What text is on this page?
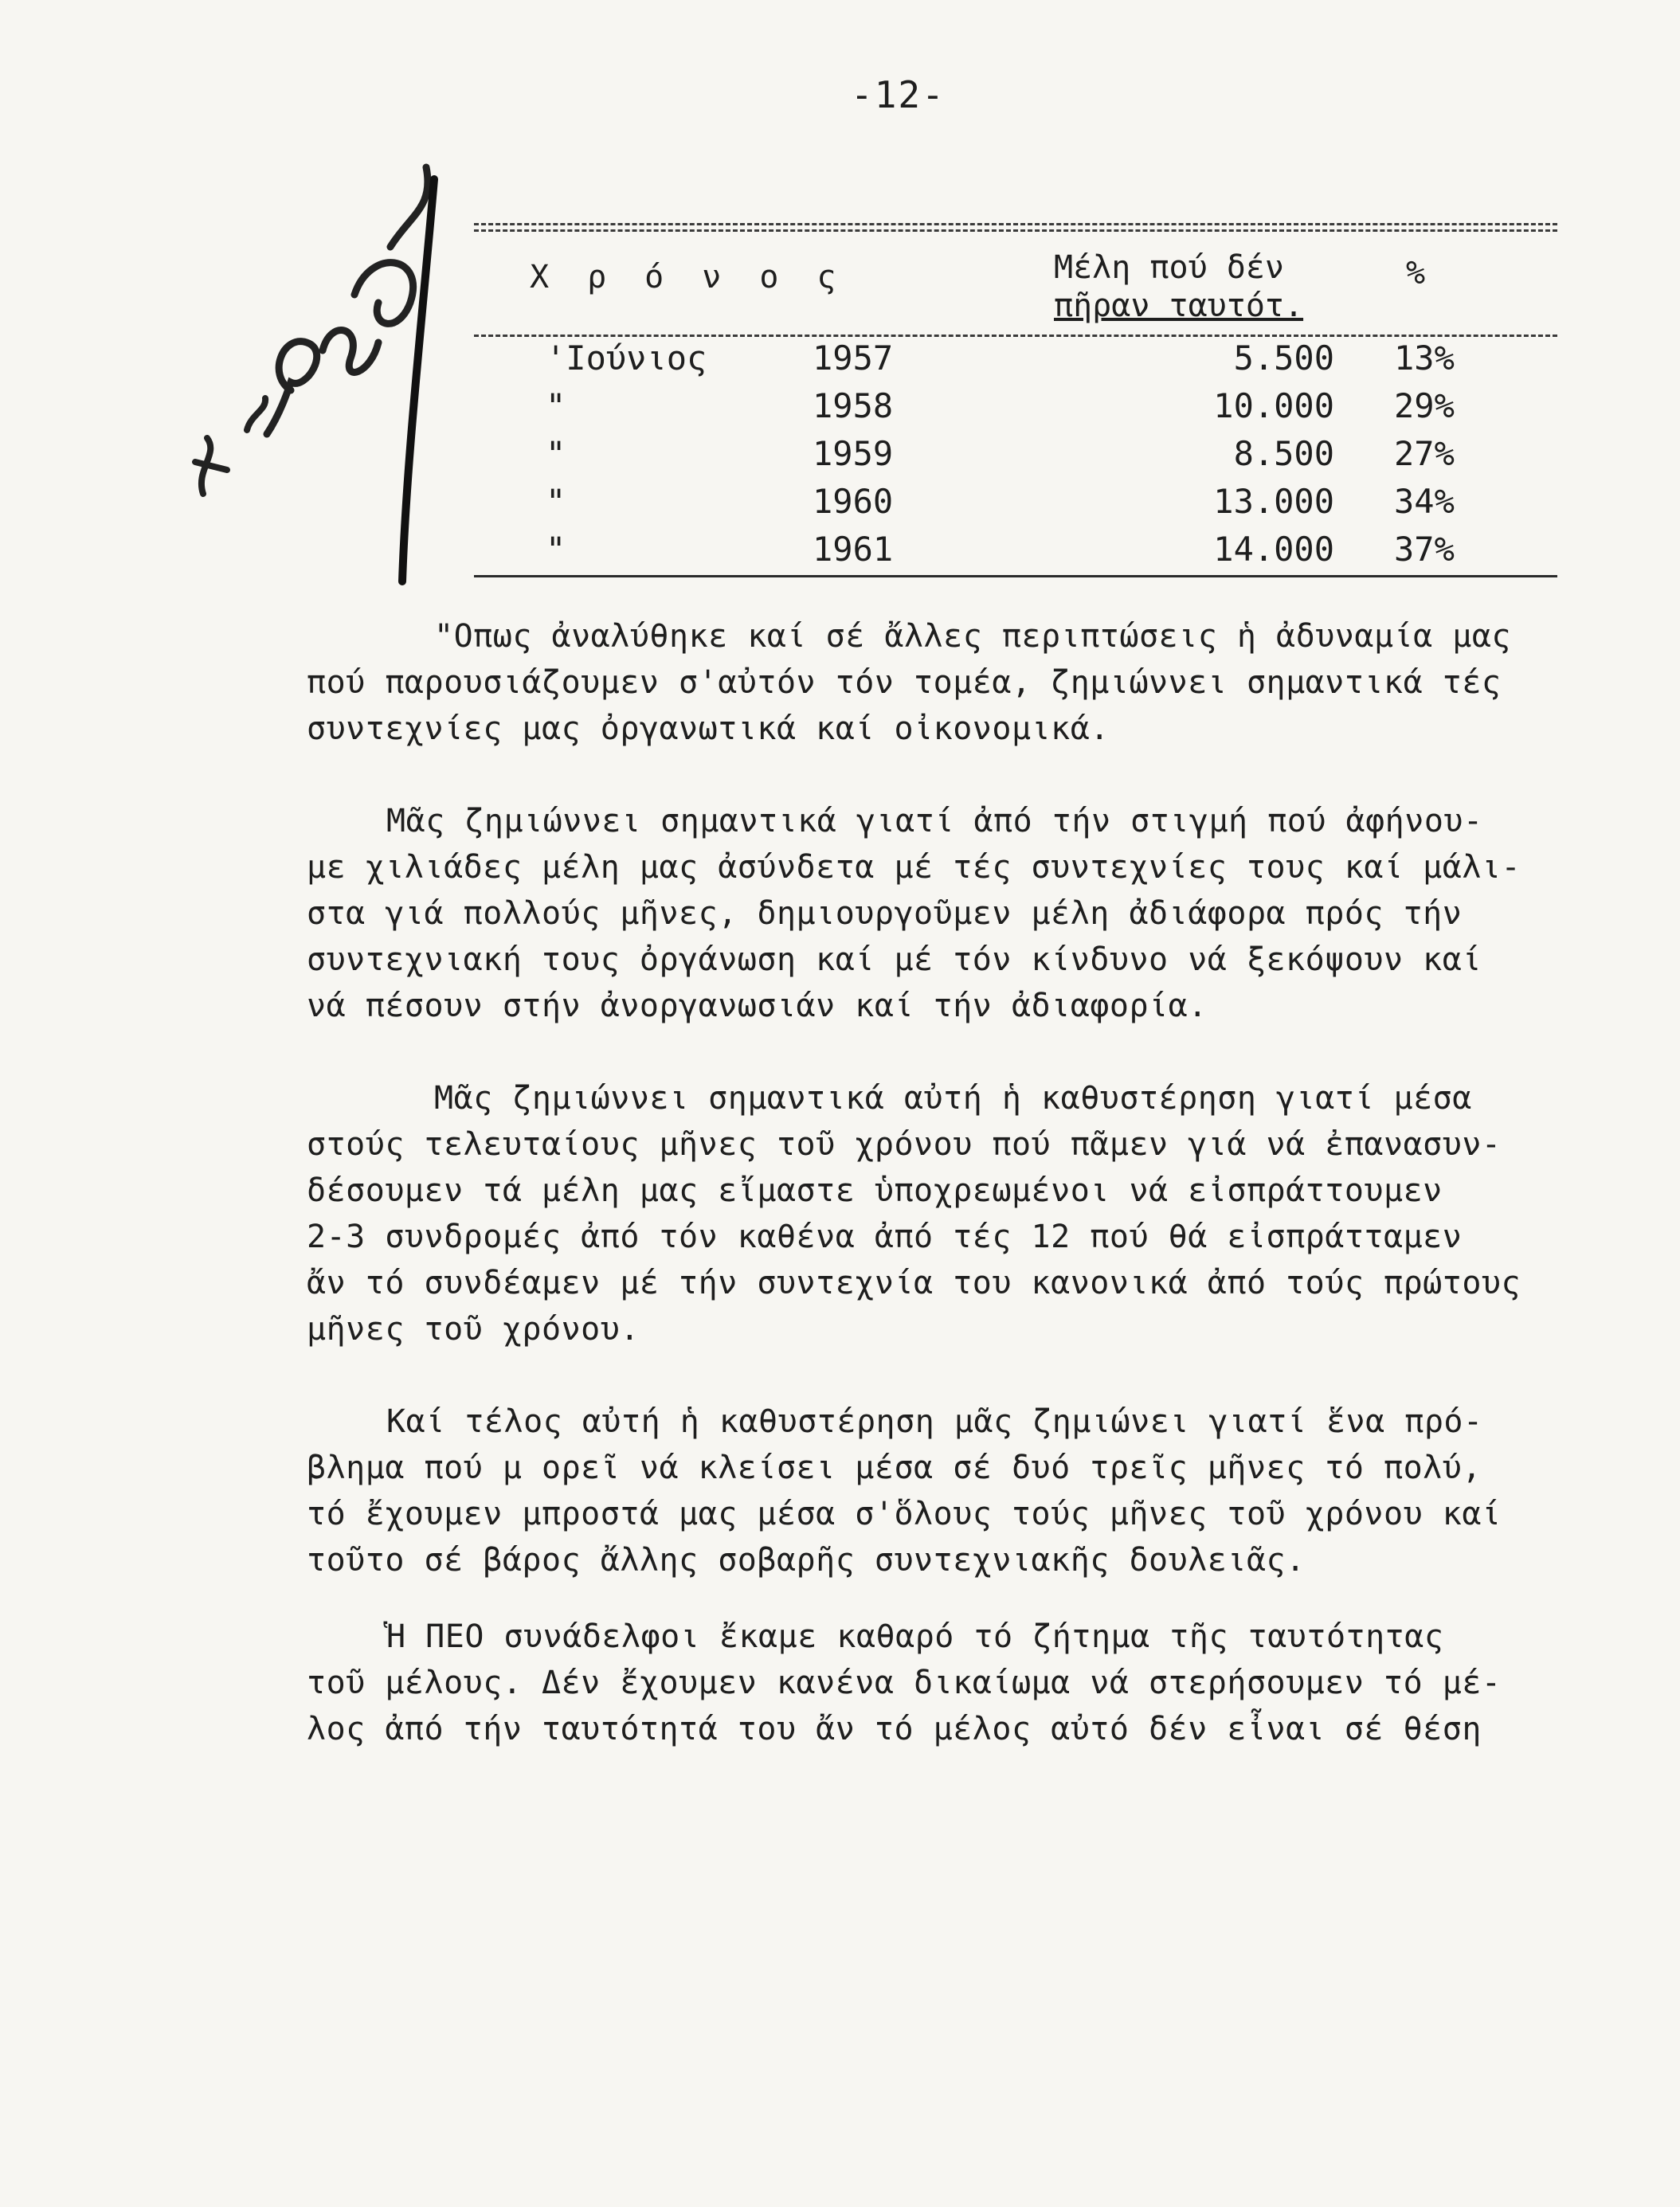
-12-
Χρόνος	Μέλη πού δέν
πῆραν ταυτότ.
%
'Ιούνιος	1957	5.500 13%
"	1958	10.000 29%
"	1959	8.500 27%
"	1960	13.000 34%
"	1961	14.000 37%
"Οπως ἀναλύθηκε καί σέ ἄλλες περιπτώσεις ἡ ἀδυναμία μας
πού παρουσιάζουμεν σ'αὐτόν τόν τομέα, ζημιώννει σημαντικά τές
συντεχνίες μας ὀργανωτικά καί οἰκονομικά.
Μᾶς ζημιώννει σημαντικά γιατί ἀπό τήν στιγμή πού ἀφήνου-
με χιλιάδες μέλη μας ἀσύνδετα μέ τές συντεχνίες τους καί μάλι-
στα γιά πολλούς μῆνες, δημιουργοῦμεν μέλη ἀδιάφορα πρός τήν
συντεχνιακή τους ὀργάνωση καί μέ τόν κίνδυνο νά ξεκόψουν καί
νά πέσουν στήν ἀνοργανωσιάν καί τήν ἀδιαφορία.
Μᾶς ζημιώννει σημαντικά αὐτή ἡ καθυστέρηση γιατί μέσα
στούς τελευταίους μῆνες τοῦ χρόνου πού πᾶμεν γιά νά ἐπανασυν-
δέσουμεν τά μέλη μας εἴμαστε ὑποχρεωμένοι νά εἰσπράττουμεν
2-3 συνδρομές ἀπό τόν καθένα ἀπό τές 12 πού θά εἰσπράτταμεν
ἄν τό συνδέαμεν μέ τήν συντεχνία του κανονικά ἀπό τούς πρώτους
μῆνες τοῦ χρόνου.
Καί τέλος αὐτή ἡ καθυστέρηση μᾶς ζημιώνει γιατί ἕνα πρό-
βλημα πού μ ορεῖ νά κλείσει μέσα σέ δυό τρεῖς μῆνες τό πολύ,
τό ἔχουμεν μπροστά μας μέσα σ'ὅλους τούς μῆνες τοῦ χρόνου καί
τοῦτο σέ βάρος ἄλλης σοβαρῆς συντεχνιακῆς δουλειᾶς.
Ἡ ΠΕΟ συνάδελφοι ἔκαμε καθαρό τό ζήτημα τῆς ταυτότητας
τοῦ μέλους. Δέν ἔχουμεν κανένα δικαίωμα νά στερήσουμεν τό μέ-
λος ἀπό τήν ταυτότητά του ἄν τό μέλος αὐτό δέν εἶναι σέ θέση
